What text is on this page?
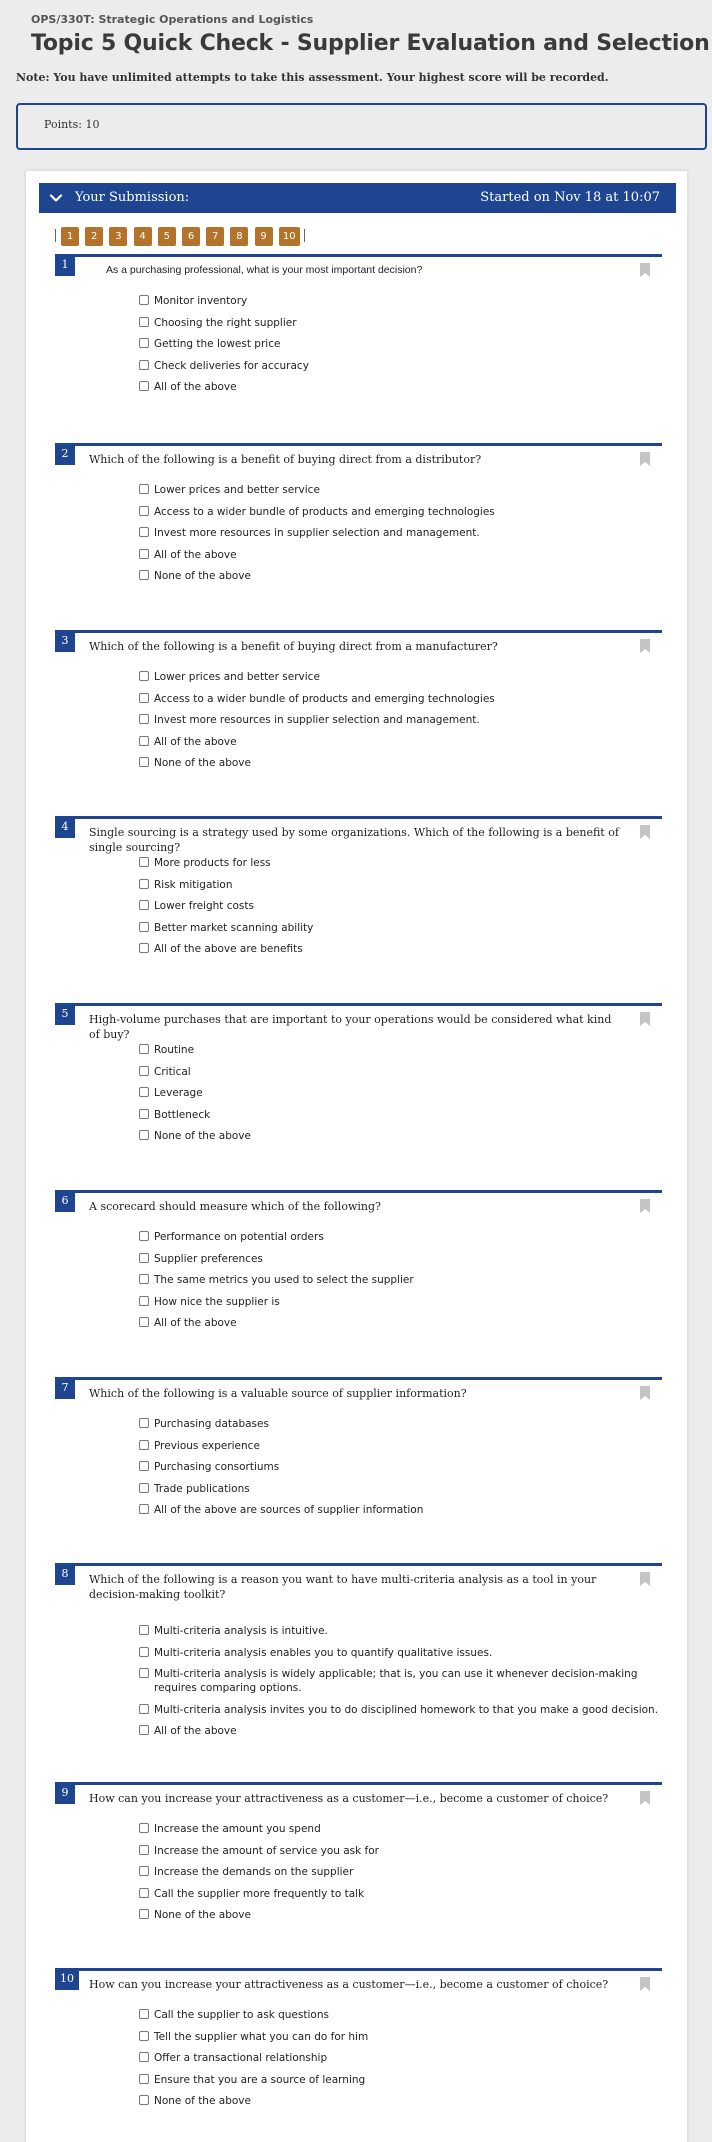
OPS/330T: Strategic Operations and Logistics
Topic 5 Quick Check - Supplier Evaluation and Selection
Note: You have unlimited attempts to take this assessment. Your highest score will be recorded.
Points: 10
Your Submission:	Started on Nov 18 at 10:07
1	2	3	4	5	6	7	8	9	10
1	As a purchasing professional, what is your most important decision?
Monitor inventory
Choosing the right supplier
Getting the lowest price
Check deliveries for accuracy
All of the above
2	Which of the following is a benefit of buying direct from a distributor?
Lower prices and better service
Access to a wider bundle of products and emerging technologies
Invest more resources in supplier selection and management.
All of the above
None of the above
3	Which of the following is a benefit of buying direct from a manufacturer?
Lower prices and better service
Access to a wider bundle of products and emerging technologies
Invest more resources in supplier selection and management.
All of the above
None of the above
4	Single sourcing is a strategy used by some organizations. Which of the following is a benefit of single sourcing?
More products for less
Risk mitigation
Lower freight costs
Better market scanning ability
All of the above are benefits
5	High-volume purchases that are important to your operations would be considered what kind of buy?
Routine
Critical
Leverage
Bottleneck
None of the above
6	A scorecard should measure which of the following?
Performance on potential orders
Supplier preferences
The same metrics you used to select the supplier
How nice the supplier is
All of the above
7	Which of the following is a valuable source of supplier information?
Purchasing databases
Previous experience
Purchasing consortiums
Trade publications
All of the above are sources of supplier information
8	Which of the following is a reason you want to have multi-criteria analysis as a tool in your decision-making toolkit?
Multi-criteria analysis is intuitive.
Multi-criteria analysis enables you to quantify qualitative issues.
Multi-criteria analysis is widely applicable; that is, you can use it whenever decision-making requires comparing options.
Multi-criteria analysis invites you to do disciplined homework to that you make a good decision.
All of the above
9	How can you increase your attractiveness as a customer—i.e., become a customer of choice?
Increase the amount you spend
Increase the amount of service you ask for
Increase the demands on the supplier
Call the supplier more frequently to talk
None of the above
10	How can you increase your attractiveness as a customer—i.e., become a customer of choice?
Call the supplier to ask questions
Tell the supplier what you can do for him
Offer a transactional relationship
Ensure that you are a source of learning
None of the above
